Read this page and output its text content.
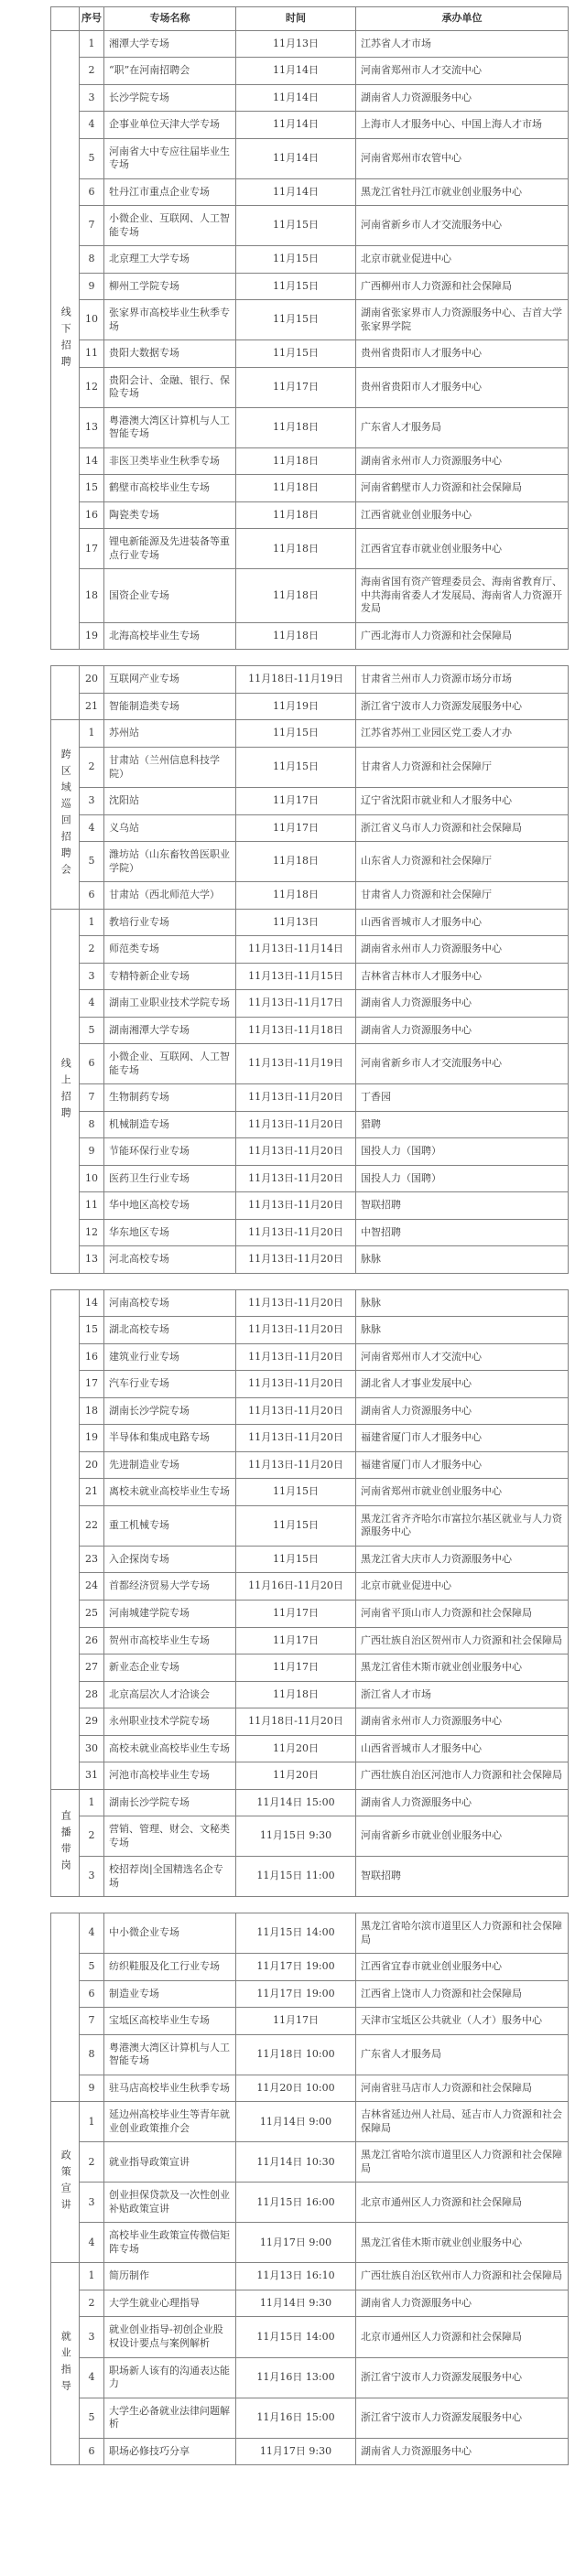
	序号	专场名称	时间	承办单位
线下招聘	1	湘潭大学专场	11月13日	江苏省人才市场
	2	“职”在河南招聘会	11月14日	河南省郑州市人才交流中心
	3	长沙学院专场	11月14日	湖南省人力资源服务中心
	4	企事业单位天津大学专场	11月14日	上海市人才服务中心、中国上海人才市场
	5	河南省大中专应往届毕业生专场	11月14日	河南省郑州市农管中心
	6	牡丹江市重点企业专场	11月14日	黑龙江省牡丹江市就业创业服务中心
	7	小微企业、互联网、人工智能专场	11月15日	河南省新乡市人才交流服务中心
	8	北京理工大学专场	11月15日	北京市就业促进中心
	9	柳州工学院专场	11月15日	广西柳州市人力资源和社会保障局
	10	张家界市高校毕业生秋季专场	11月15日	湖南省张家界市人力资源服务中心、吉首大学张家界学院
	11	贵阳大数据专场	11月15日	贵州省贵阳市人才服务中心
	12	贵阳会计、金融、银行、保险专场	11月17日	贵州省贵阳市人才服务中心
	13	粤港澳大湾区计算机与人工智能专场	11月18日	广东省人才服务局
	14	非医卫类毕业生秋季专场	11月18日	湖南省永州市人力资源服务中心
	15	鹤壁市高校毕业生专场	11月18日	河南省鹤壁市人力资源和社会保障局
	16	陶瓷类专场	11月18日	江西省就业创业服务中心
	17	锂电新能源及先进装备等重点行业专场	11月18日	江西省宜春市就业创业服务中心
	18	国资企业专场	11月18日	海南省国有资产管理委员会、海南省教育厅、中共海南省委人才发展局、海南省人力资源开发局
	19	北海高校毕业生专场	11月18日	广西北海市人力资源和社会保障局
	20	互联网产业专场	11月18日-11月19日	甘肃省兰州市人力资源市场分市场
	21	智能制造类专场	11月19日	浙江省宁波市人力资源发展服务中心
跨区域巡回招聘会	1	苏州站	11月15日	江苏省苏州工业园区党工委人才办
	2	甘肃站（兰州信息科技学院）	11月15日	甘肃省人力资源和社会保障厅
	3	沈阳站	11月17日	辽宁省沈阳市就业和人才服务中心
	4	义乌站	11月17日	浙江省义乌市人力资源和社会保障局
	5	潍坊站（山东畜牧兽医职业学院）	11月18日	山东省人力资源和社会保障厅
	6	甘肃站（西北师范大学）	11月18日	甘肃省人力资源和社会保障厅
线上招聘	1	教培行业专场	11月13日	山西省晋城市人才服务中心
	2	师范类专场	11月13日-11月14日	湖南省永州市人力资源服务中心
	3	专精特新企业专场	11月13日-11月15日	吉林省吉林市人才服务中心
	4	湖南工业职业技术学院专场	11月13日-11月17日	湖南省人力资源服务中心
	5	湖南湘潭大学专场	11月13日-11月18日	湖南省人力资源服务中心
	6	小微企业、互联网、人工智能专场	11月13日-11月19日	河南省新乡市人才交流服务中心
	7	生物制药专场	11月13日-11月20日	丁香园
	8	机械制造专场	11月13日-11月20日	猎聘
	9	节能环保行业专场	11月13日-11月20日	国投人力（国聘）
	10	医药卫生行业专场	11月13日-11月20日	国投人力（国聘）
	11	华中地区高校专场	11月13日-11月20日	智联招聘
	12	华东地区专场	11月13日-11月20日	中智招聘
	13	河北高校专场	11月13日-11月20日	脉脉
	14	河南高校专场	11月13日-11月20日	脉脉
	15	湖北高校专场	11月13日-11月20日	脉脉
	16	建筑业行业专场	11月13日-11月20日	河南省郑州市人才交流中心
	17	汽车行业专场	11月13日-11月20日	湖北省人才事业发展中心
	18	湖南长沙学院专场	11月13日-11月20日	湖南省人力资源服务中心
	19	半导体和集成电路专场	11月13日-11月20日	福建省厦门市人才服务中心
	20	先进制造业专场	11月13日-11月20日	福建省厦门市人才服务中心
	21	离校未就业高校毕业生专场	11月15日	河南省郑州市就业创业服务中心
	22	重工机械专场	11月15日	黑龙江省齐齐哈尔市富拉尔基区就业与人力资源服务中心
	23	入企探岗专场	11月15日	黑龙江省大庆市人力资源服务中心
	24	首都经济贸易大学专场	11月16日-11月20日	北京市就业促进中心
	25	河南城建学院专场	11月17日	河南省平顶山市人力资源和社会保障局
	26	贺州市高校毕业生专场	11月17日	广西壮族自治区贺州市人力资源和社会保障局
	27	新业态企业专场	11月17日	黑龙江省佳木斯市就业创业服务中心
	28	北京高层次人才洽谈会	11月18日	浙江省人才市场
	29	永州职业技术学院专场	11月18日-11月20日	湖南省永州市人力资源服务中心
	30	高校未就业高校毕业生专场	11月20日	山西省晋城市人才服务中心
	31	河池市高校毕业生专场	11月20日	广西壮族自治区河池市人力资源和社会保障局
直播带岗	1	湖南长沙学院专场	11月14日 15:00	湖南省人力资源服务中心
	2	营销、管理、财会、文秘类专场	11月15日 9:30	河南省新乡市就业创业服务中心
	3	校招荐岗|全国精选名企专场	11月15日 11:00	智联招聘
	4	中小微企业专场	11月15日 14:00	黑龙江省哈尔滨市道里区人力资源和社会保障局
	5	纺织鞋服及化工行业专场	11月17日 19:00	江西省宜春市就业创业服务中心
	6	制造业专场	11月17日 19:00	江西省上饶市人力资源和社会保障局
	7	宝坻区高校毕业生专场	11月17日	天津市宝坻区公共就业（人才）服务中心
	8	粤港澳大湾区计算机与人工智能专场	11月18日 10:00	广东省人才服务局
	9	驻马店高校毕业生秋季专场	11月20日 10:00	河南省驻马店市人力资源和社会保障局
政策宣讲	1	延边州高校毕业生等青年就业创业政策推介会	11月14日 9:00	吉林省延边州人社局、延吉市人力资源和社会保障局
	2	就业指导政策宣讲	11月14日 10:30	黑龙江省哈尔滨市道里区人力资源和社会保障局
	3	创业担保贷款及一次性创业补贴政策宣讲	11月15日 16:00	北京市通州区人力资源和社会保障局
	4	高校毕业生政策宣传微信矩阵专场	11月17日 9:00	黑龙江省佳木斯市就业创业服务中心
就业指导	1	简历制作	11月13日 16:10	广西壮族自治区钦州市人力资源和社会保障局
	2	大学生就业心理指导	11月14日 9:30	湖南省人力资源服务中心
	3	就业创业指导-初创企业股权设计要点与案例解析	11月15日 14:00	北京市通州区人力资源和社会保障局
	4	职场新人该有的沟通表达能力	11月16日 13:00	浙江省宁波市人力资源发展服务中心
	5	大学生必备就业法律问题解析	11月16日 15:00	浙江省宁波市人力资源发展服务中心
	6	职场必修技巧分享	11月17日 9:30	湖南省人力资源服务中心
